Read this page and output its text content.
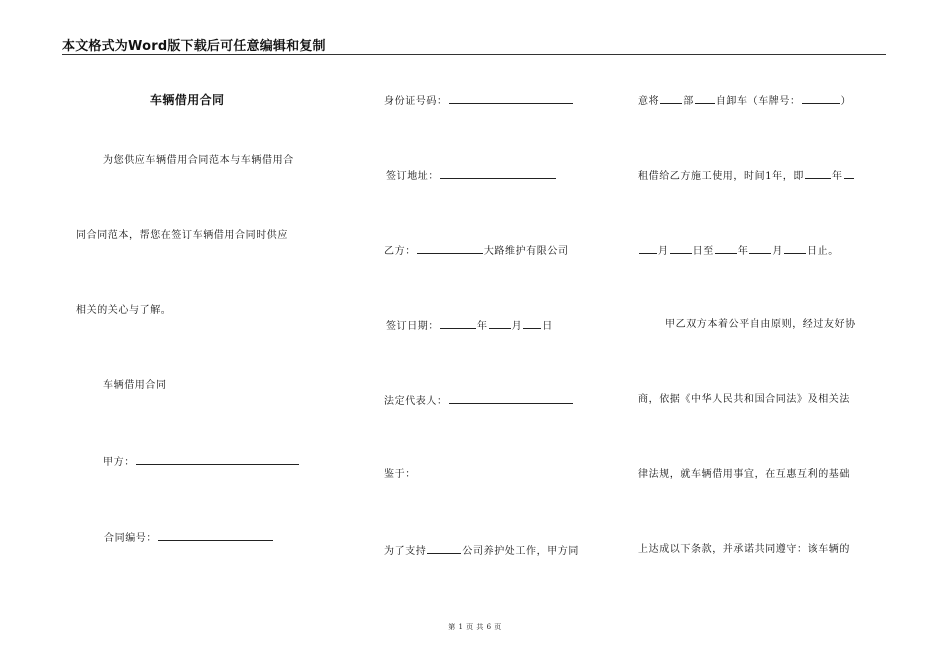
本文格式为Word版下载后可任意编辑和复制
车辆借用合同
为您供应车辆借用合同范本与车辆借用合
同合同范本，帮您在签订车辆借用合同时供应
相关的关心与了解。
车辆借用合同
甲方：
合同编号：
身份证号码：
签订地址：
乙方：	大路维护有限公司
签订日期：	年 月 日
法定代表人：
鉴于：
为了支持	公司养护处工作，甲方同
意将 部 自卸车（车牌号：	）
租借给乙方施工使用，时间1年，即	年
月 日至 年 月 日止。
甲乙双方本着公平自由原则，经过友好协
商，依据《中华人民共和国合同法》及相关法
律法规，就车辆借用事宜，在互惠互利的基础
上达成以下条款，并承诺共同遵守：该车辆的
第 1 页 共 6 页
